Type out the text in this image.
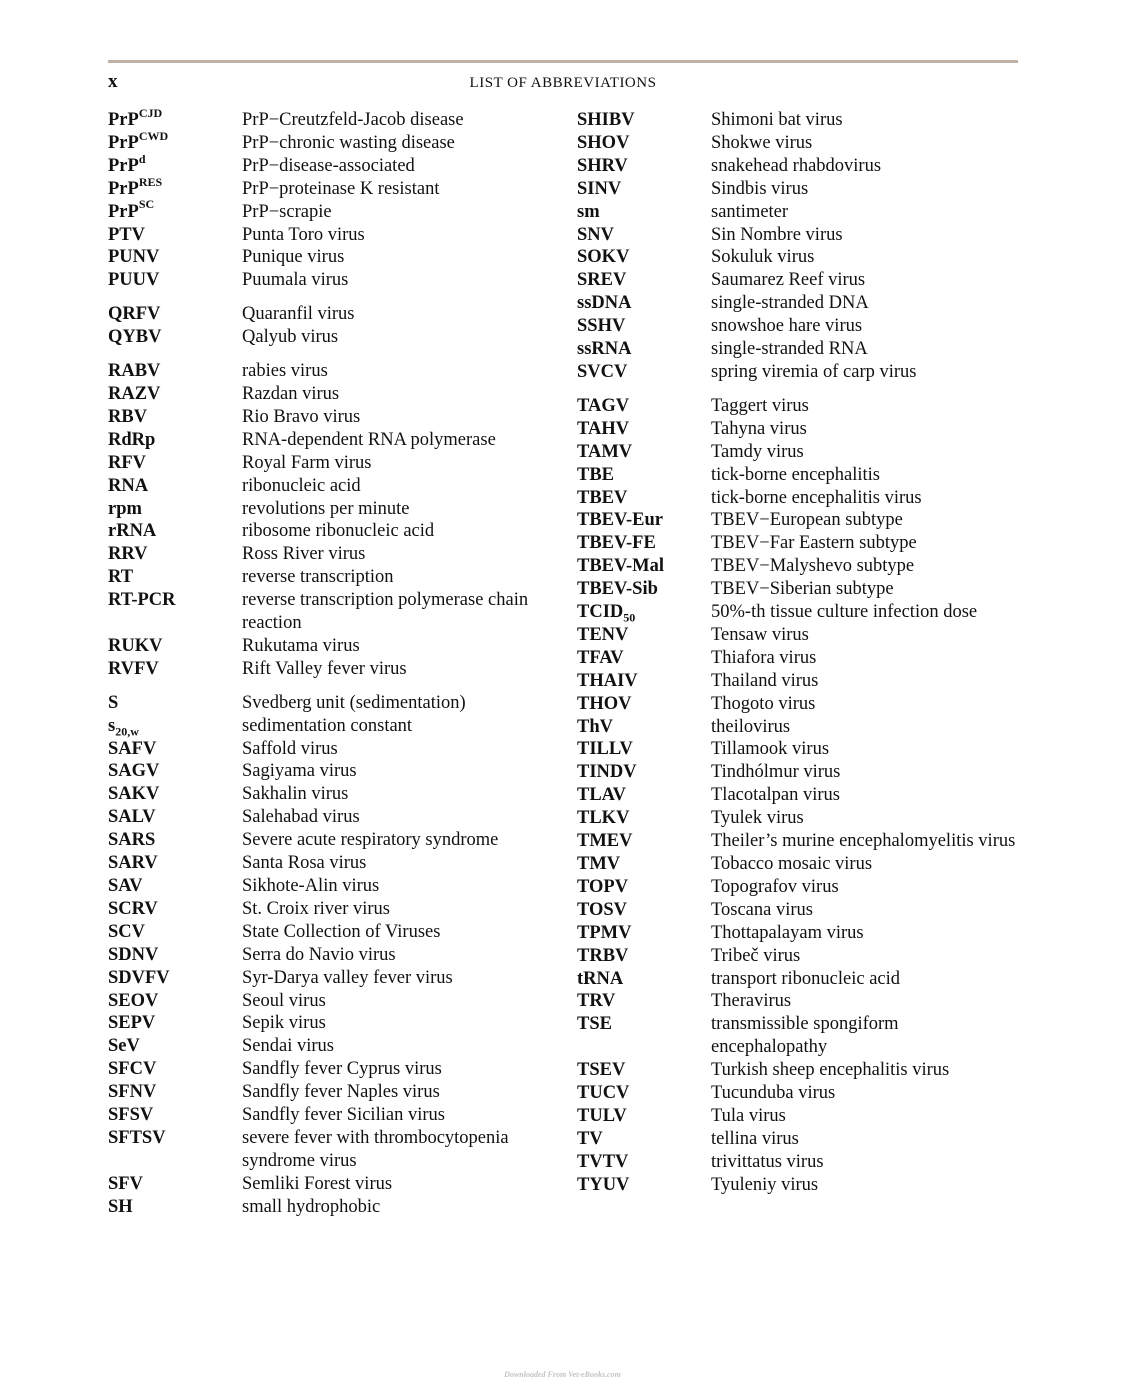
x	LIST OF ABBREVIATIONS
PrP$^{CJD}$	PrP−Creutzfeld-Jacob disease
PrP$^{CWD}$	PrP−chronic wasting disease
PrP$^d$	PrP−disease-associated
PrP$^{RES}$	PrP−proteinase K resistant
PrP$^{SC}$	PrP−scrapie
PTV	Punta Toro virus
PUNV	Punique virus
PUUV	Puumala virus
QRFV	Quaranfil virus
QYBV	Qalyub virus
RABV	rabies virus
RAZV	Razdan virus
RBV	Rio Bravo virus
RdRp	RNA-dependent RNA polymerase
RFV	Royal Farm virus
RNA	ribonucleic acid
rpm	revolutions per minute
rRNA	ribosome ribonucleic acid
RRV	Ross River virus
RT	reverse transcription
RT-PCR	reverse transcription polymerase chain reaction
RUKV	Rukutama virus
RVFV	Rift Valley fever virus
S	Svedberg unit (sedimentation)
$s_{20,w}$	sedimentation constant
SAFV	Saffold virus
SAGV	Sagiyama virus
SAKV	Sakhalin virus
SALV	Salehabad virus
SARS	Severe acute respiratory syndrome
SARV	Santa Rosa virus
SAV	Sikhote-Alin virus
SCRV	St. Croix river virus
SCV	State Collection of Viruses
SDNV	Serra do Navio virus
SDVFV	Syr-Darya valley fever virus
SEOV	Seoul virus
SEPV	Sepik virus
SeV	Sendai virus
SFCV	Sandfly fever Cyprus virus
SFNV	Sandfly fever Naples virus
SFSV	Sandfly fever Sicilian virus
SFTSV	severe fever with thrombocytopenia syndrome virus
SFV	Semliki Forest virus
SH	small hydrophobic
SHIBV	Shimoni bat virus
SHOV	Shokwe virus
SHRV	snakehead rhabdovirus
SINV	Sindbis virus
sm	santimeter
SNV	Sin Nombre virus
SOKV	Sokuluk virus
SREV	Saumarez Reef virus
ssDNA	single-stranded DNA
SSHV	snowshoe hare virus
ssRNA	single-stranded RNA
SVCV	spring viremia of carp virus
TAGV	Taggert virus
TAHV	Tahyna virus
TAMV	Tamdy virus
TBE	tick-borne encephalitis
TBEV	tick-borne encephalitis virus
TBEV-Eur	TBEV−European subtype
TBEV-FE	TBEV−Far Eastern subtype
TBEV-Mal	TBEV−Malyshevo subtype
TBEV-Sib	TBEV−Siberian subtype
$TCID_{50}$	50%-th tissue culture infection dose
TENV	Tensaw virus
TFAV	Thiafora virus
THAIV	Thailand virus
THOV	Thogoto virus
ThV	theilovirus
TILLV	Tillamook virus
TINDV	Tindhólmur virus
TLAV	Tlacotalpan virus
TLKV	Tyulek virus
TMEV	Theiler’s murine encephalomyelitis virus
TMV	Tobacco mosaic virus
TOPV	Topografov virus
TOSV	Toscana virus
TPMV	Thottapalayam virus
TRBV	Tribeč virus
tRNA	transport ribonucleic acid
TRV	Theravirus
TSE	transmissible spongiform encephalopathy
TSEV	Turkish sheep encephalitis virus
TUCV	Tucunduba virus
TULV	Tula virus
TV	tellina virus
TVTV	trivittatus virus
TYUV	Tyuleniy virus
Downloaded From Vet-eBooks.com
